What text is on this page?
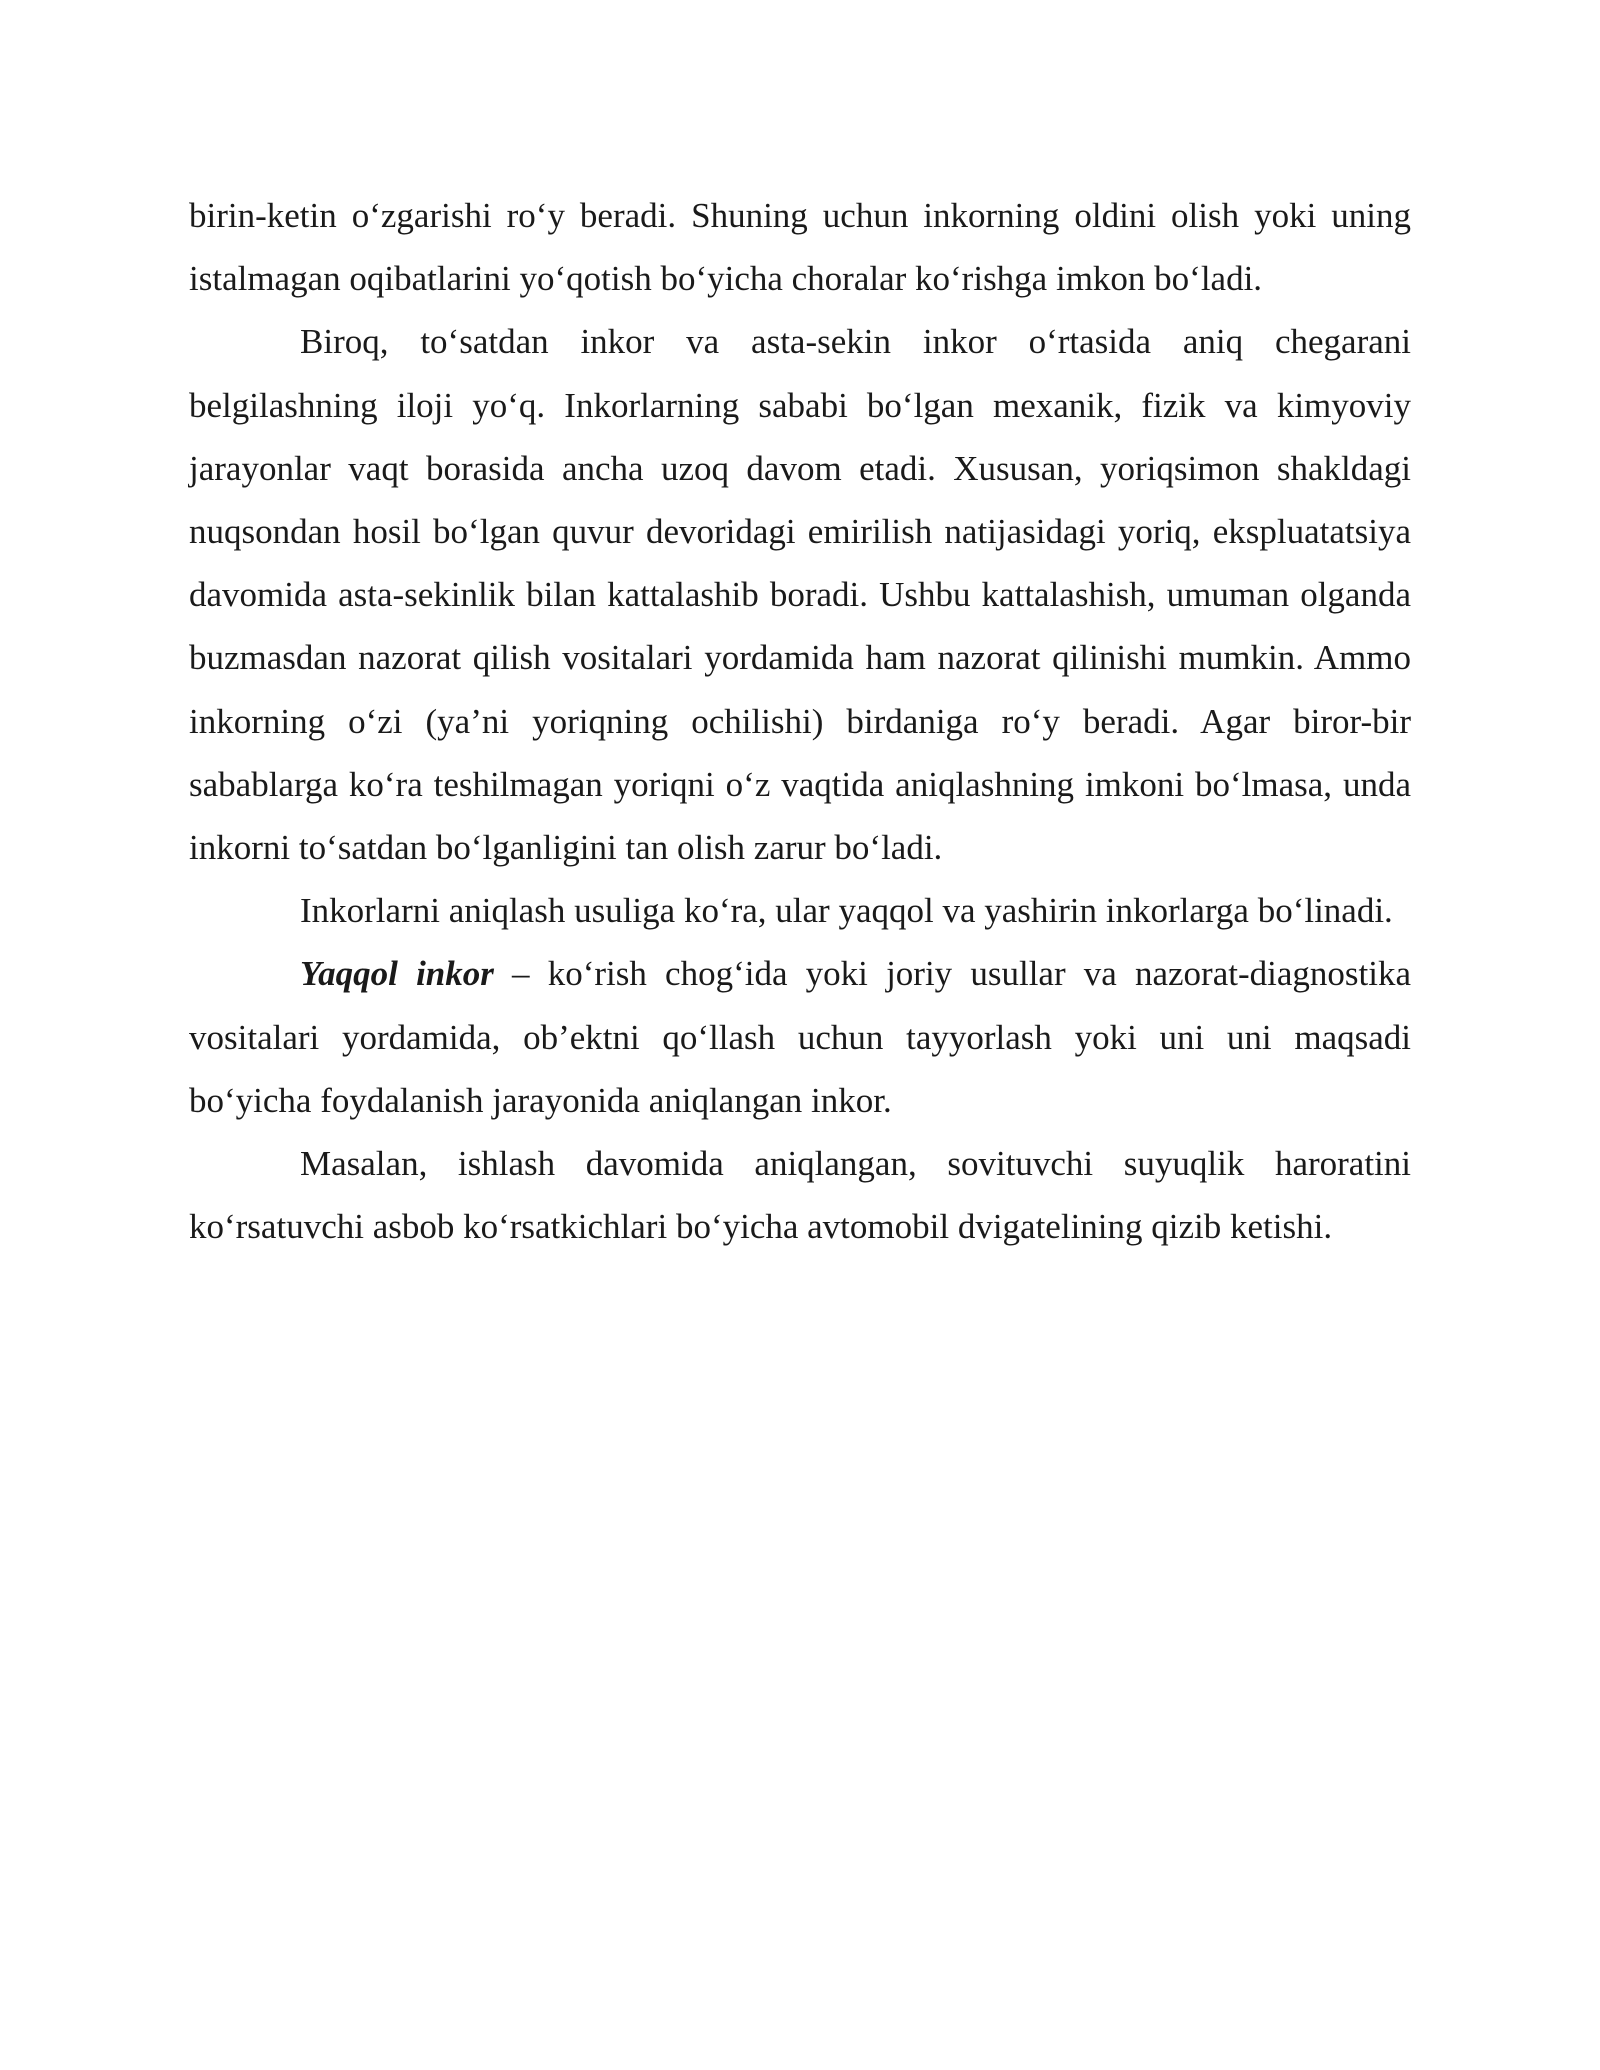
birin-ketin o‘zgarishi ro‘y beradi. Shuning uchun inkorning oldini olish yoki uning istalmagan oqibatlarini yo‘qotish bo‘yicha choralar ko‘rishga imkon bo‘ladi.

Biroq, to‘satdan inkor va asta-sekin inkor o‘rtasida aniq chegarani belgilashning iloji yo‘q. Inkorlarning sababi bo‘lgan mexanik, fizik va kimyoviy jarayonlar vaqt borasida ancha uzoq davom etadi. Xususan, yoriqsimon shakldagi nuqsondan hosil bo‘lgan quvur devoridagi emirilish natijasidagi yoriq, ekspluatatsiya davomida asta-sekinlik bilan kattalashib boradi. Ushbu kattalashish, umuman olganda buzmasdan nazorat qilish vositalari yordamida ham nazorat qilinishi mumkin. Ammo inkorning o‘zi (ya’ni yoriqning ochilishi) birdaniga ro‘y beradi. Agar biror-bir sabablarga ko‘ra teshilmagan yoriqni o‘z vaqtida aniqlashning imkoni bo‘lmasa, unda inkorni to‘satdan bo‘lganligini tan olish zarur bo‘ladi.

Inkorlarni aniqlash usuliga ko‘ra, ular yaqqol va yashirin inkorlarga bo‘linadi.

Yaqqol inkor – ko‘rish chog‘ida yoki joriy usullar va nazorat-diagnostika vositalari yordamida, ob’ektni qo‘llash uchun tayyorlash yoki uni uni maqsadi bo‘yicha foydalanish jarayonida aniqlangan inkor.

Masalan, ishlash davomida aniqlangan, sovituvchi suyuqlik haroratini ko‘rsatuvchi asbob ko‘rsatkichlari bo‘yicha avtomobil dvigatelining qizib ketishi.
